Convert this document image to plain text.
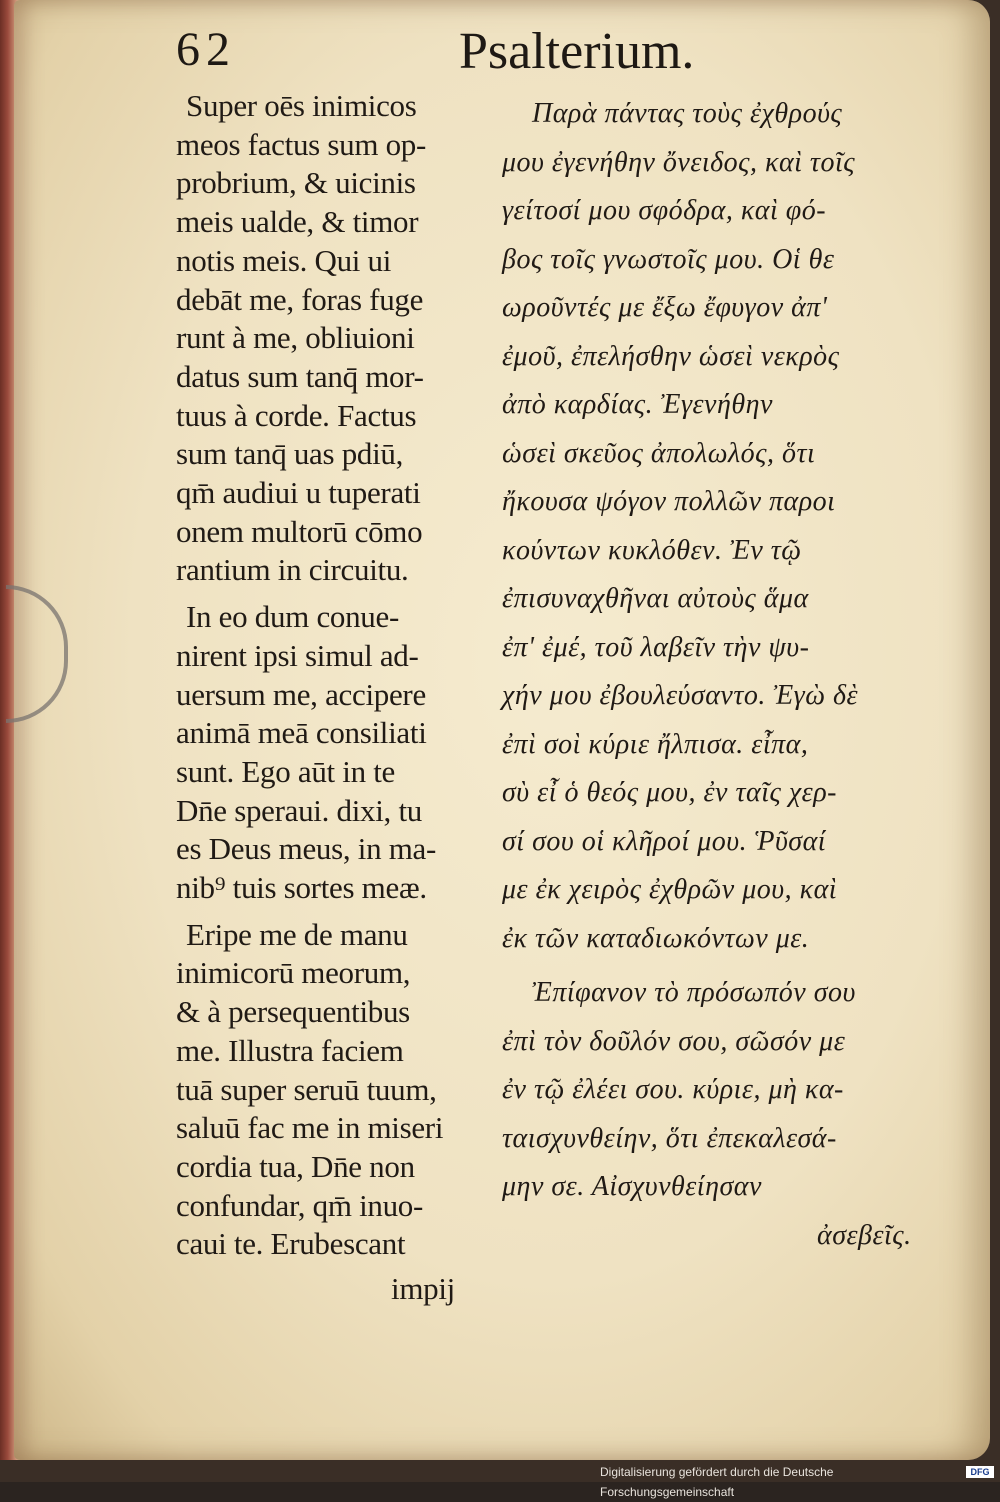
62	Psalterium.
Super oēs inimicos
meos factus sum op-
probrium, & uicinis
meis ualde, & timor
notis meis. Qui ui
debāt me, foras fuge
runt à me, obliuioni
datus sum tanq̄ mor-
tuus à corde. Factus
sum tanq̄ uas pdiū,
qm̄ audiui u tuperati
onem multorū cōmo
rantium in circuitu.
In eo dum conue-
nirent ipsi simul ad-
uersum me, accipere
animā meā consiliati
sunt. Ego aūt in te
Dn̄e speraui. dixi, tu
es Deus meus, in ma-
nib⁹ tuis sortes meæ.
Eripe me de manu
inimicorū meorum,
& à persequentibus
me. Illustra faciem
tuā super seruū tuum,
saluū fac me in miseri
cordia tua, Dn̄e non
confundar, qm̄ inuo-
caui te. Erubescant
impij
Παρὰ πάντας τοὺς ἐχθρούς
μου ἐγενήθην ὄνειδος, καὶ τοῖς
γείτοσί μου σφόδρα, καὶ φό-
βος τοῖς γνωστοῖς μου. Οἱ θε
ωροῦντές με ἔξω ἔφυγον ἀπ'
ἐμοῦ, ἐπελήσθην ὡσεὶ νεκρὸς
ἀπὸ καρδίας. Ἐγενήθην
ὡσεὶ σκεῦος ἀπολωλός, ὅτι
ἤκουσα ψόγον πολλῶν παροι
κούντων κυκλόθεν. Ἐν τῷ
ἐπισυναχθῆναι αὐτοὺς ἅμα
ἐπ' ἐμέ, τοῦ λαβεῖν τὴν ψυ-
χήν μου ἐβουλεύσαντο. Ἐγὼ δὲ
ἐπὶ σοὶ κύριε ἤλπισα. εἶπα,
σὺ εἶ ὁ θεός μου, ἐν ταῖς χερ-
σί σου οἱ κλῆροί μου. Ῥῦσαί
με ἐκ χειρὸς ἐχθρῶν μου, καὶ
ἐκ τῶν καταδιωκόντων με.
Ἐπίφανον τὸ πρόσωπόν σου
ἐπὶ τὸν δοῦλόν σου, σῶσόν με
ἐν τῷ ἐλέει σου. κύριε, μὴ κα-
ταισχυνθείην, ὅτι ἐπεκαλεσά-
μην σε. Αἰσχυνθείησαν
ἀσεβεῖς.
Digitalisierung gefördert durch die Deutsche Forschungsgemeinschaft
DFG
